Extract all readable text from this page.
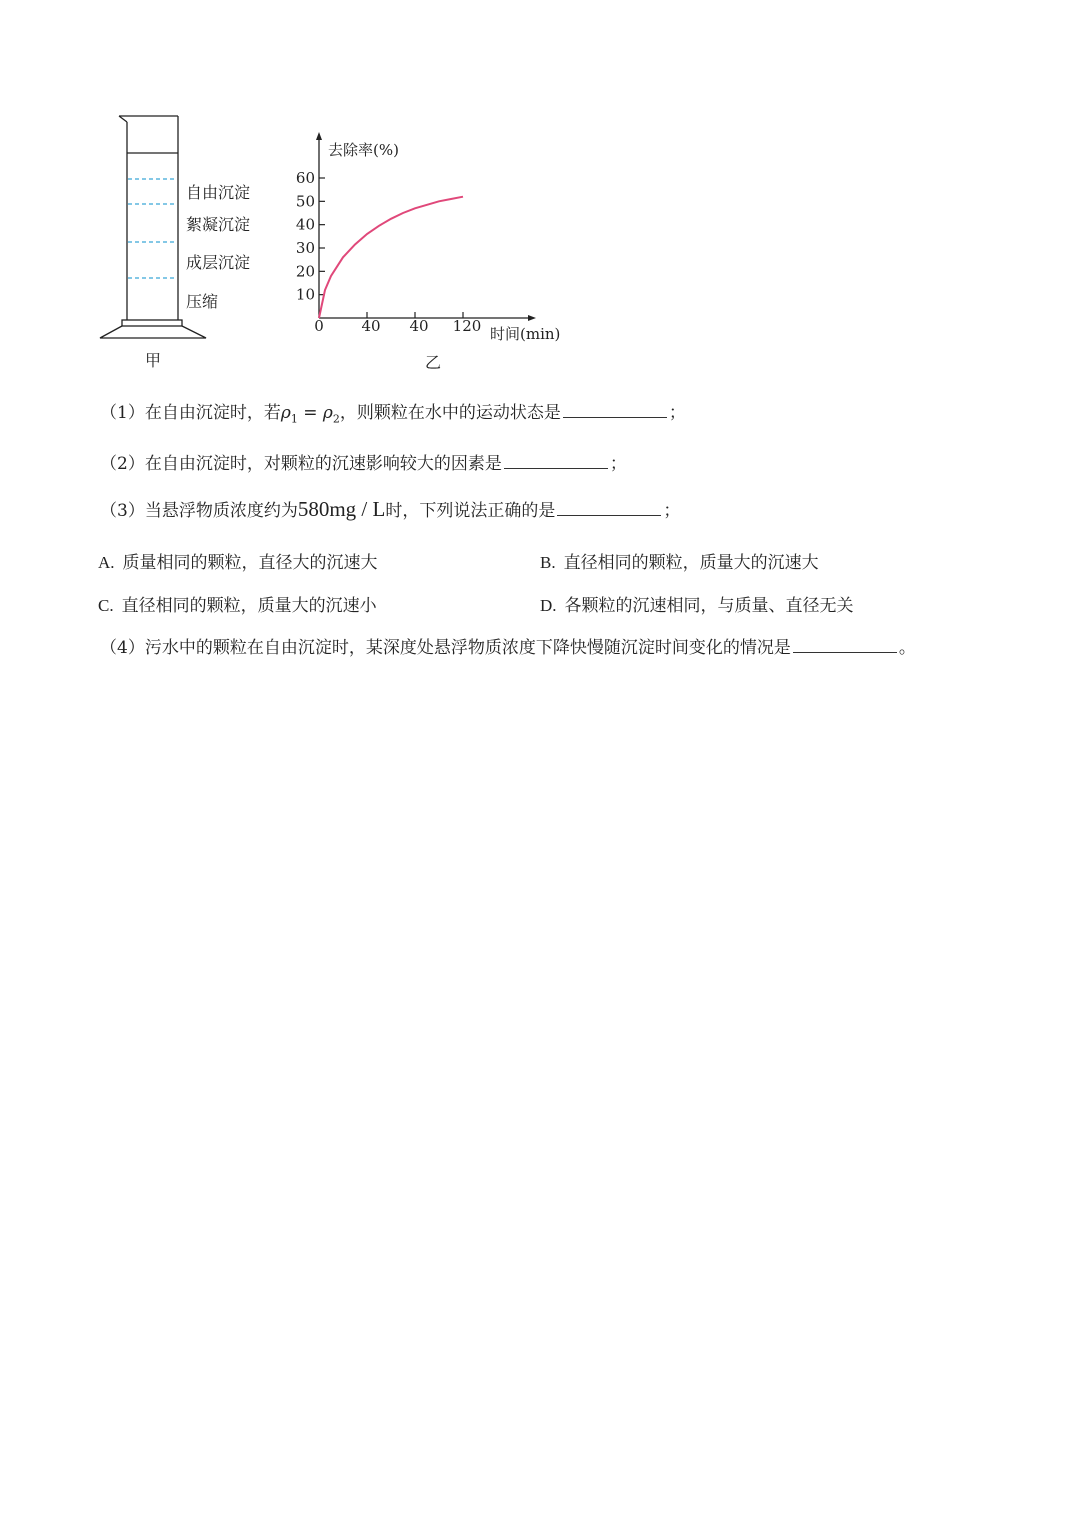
自由沉淀
絮凝沉淀
成层沉淀
压缩
甲
去除率(%)
时间(min)
10
20
30
40
50
60
0	40 40 120
乙
（1）在自由沉淀时，若$\rho_1 = \rho_2$，则颗粒在水中的运动状态是	；
（2）在自由沉淀时，对颗粒的沉速影响较大的因素是	；
（3）当悬浮物质浓度约为580mg / L时，下列说法正确的是	；
A. 质量相同的颗粒，直径大的沉速大	B. 直径相同的颗粒，质量大的沉速大
C. 直径相同的颗粒，质量大的沉速小	D. 各颗粒的沉速相同，与质量、直径无关
（4）污水中的颗粒在自由沉淀时，某深度处悬浮物质浓度下降快慢随沉淀时间变化的情况是	。
